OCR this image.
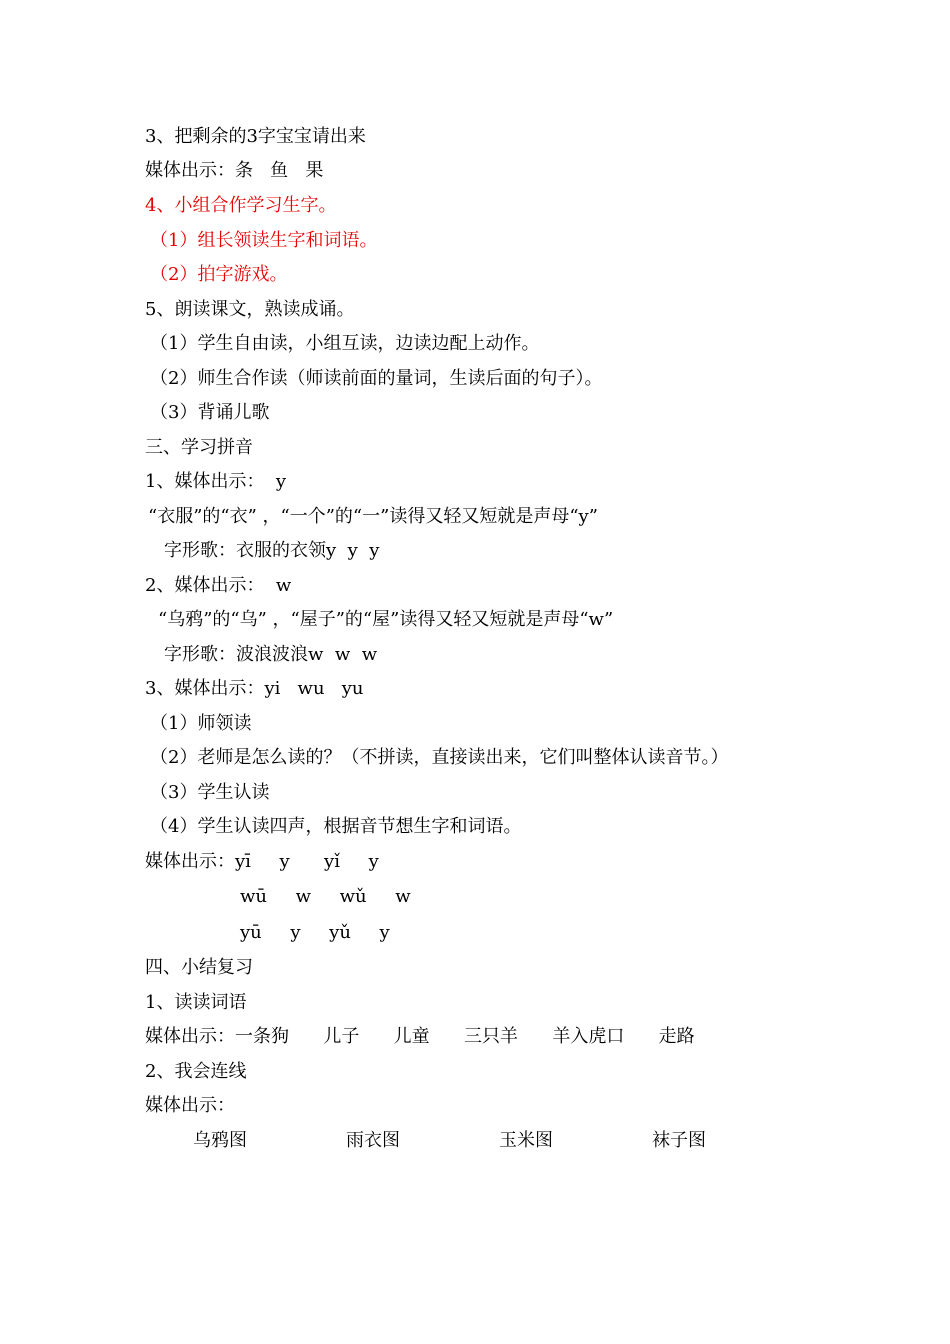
3、把剩余的3字宝宝请出来
媒体出示：条   鱼   果
4、小组合作学习生字。
（1）组长领读生字和词语。
（2）拍字游戏。
5、朗读课文，熟读成诵。
（1）学生自由读，小组互读，边读边配上动作。
（2）师生合作读（师读前面的量词，生读后面的句子）。
（3）背诵儿歌
三、学习拼音
1、媒体出示：  y
“衣服”的“衣” ，“一个”的“一”读得又轻又短就是声母“y”
字形歌：衣服的衣领y  y  y
2、媒体出示：  w
“乌鸦”的“乌” ，“屋子”的“屋”读得又轻又短就是声母“w”
字形歌：波浪波浪w  w  w
3、媒体出示：yi   wu   yu
（1）师领读
（2）老师是怎么读的？（不拼读，直接读出来，它们叫整体认读音节。）
（3）学生认读
（4）学生认读四声，根据音节想生字和词语。
媒体出示：yī     y      yǐ     y
wū     w     wǔ     w
yū     y     yǔ     y
四、小结复习
1、读读词语
媒体出示：一条狗      儿子      儿童      三只羊      羊入虎口      走路
2、我会连线
媒体出示：
乌鸦图	雨衣图	玉米图	袜子图
